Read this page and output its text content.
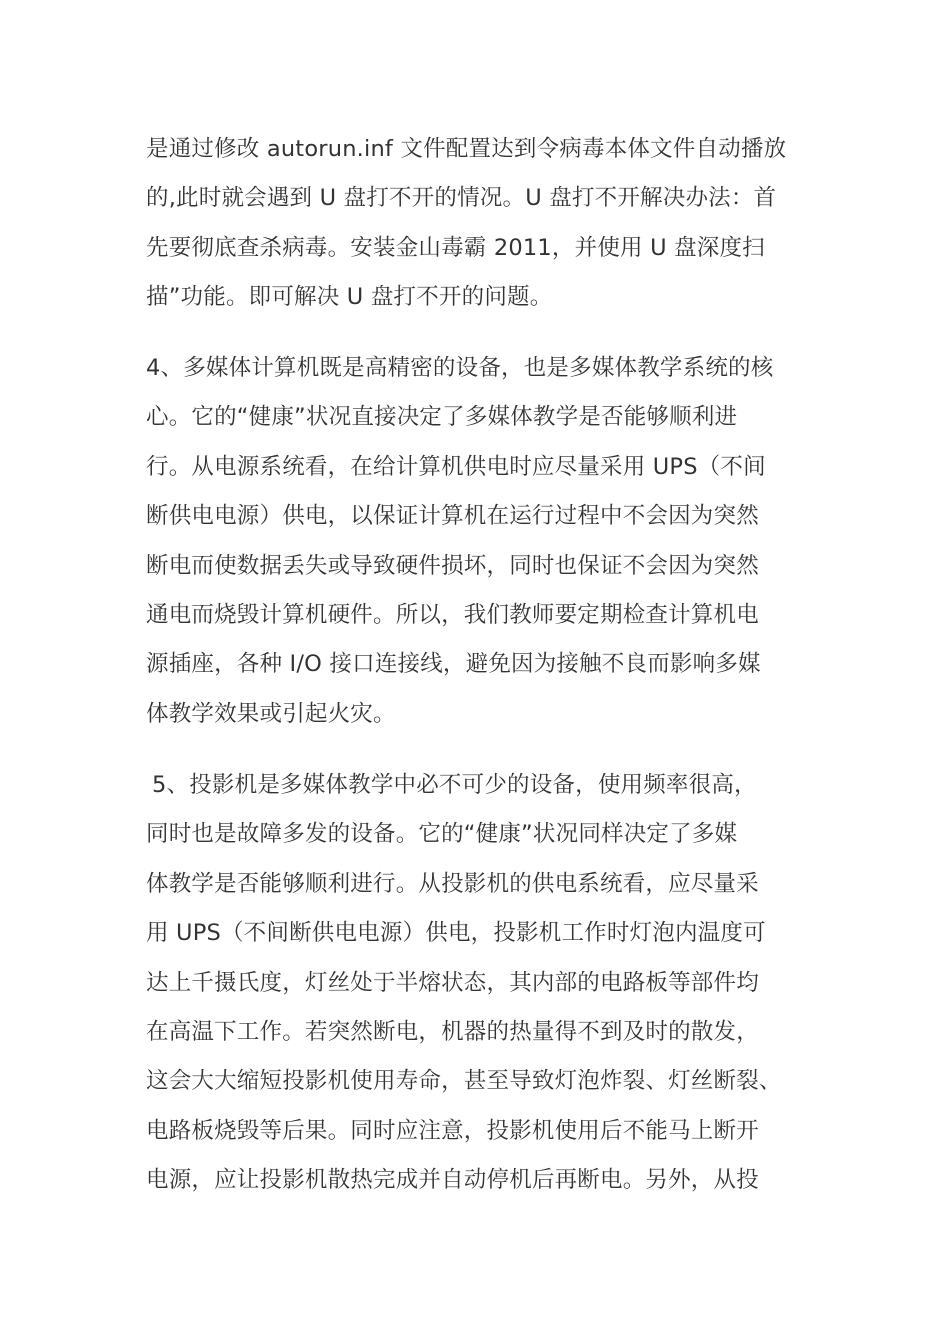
是通过修改 autorun.inf 文件配置达到令病毒本体文件自动播放
的,此时就会遇到 U 盘打不开的情况。U 盘打不开解决办法：首
先要彻底查杀病毒。安装金山毒霸 2011，并使用 U 盘深度扫
描”功能。即可解决 U 盘打不开的问题。
4、多媒体计算机既是高精密的设备，也是多媒体教学系统的核
心。它的“健康”状况直接决定了多媒体教学是否能够顺利进
行。从电源系统看，在给计算机供电时应尽量采用 UPS（不间
断供电电源）供电，以保证计算机在运行过程中不会因为突然
断电而使数据丢失或导致硬件损坏，同时也保证不会因为突然
通电而烧毁计算机硬件。所以，我们教师要定期检查计算机电
源插座，各种 I/O 接口连接线，避免因为接触不良而影响多媒
体教学效果或引起火灾。
5、投影机是多媒体教学中必不可少的设备，使用频率很高，
同时也是故障多发的设备。它的“健康”状况同样决定了多媒
体教学是否能够顺利进行。从投影机的供电系统看，应尽量采
用 UPS（不间断供电电源）供电，投影机工作时灯泡内温度可
达上千摄氏度，灯丝处于半熔状态，其内部的电路板等部件均
在高温下工作。若突然断电，机器的热量得不到及时的散发，
这会大大缩短投影机使用寿命，甚至导致灯泡炸裂、灯丝断裂、
电路板烧毁等后果。同时应注意，投影机使用后不能马上断开
电源，应让投影机散热完成并自动停机后再断电。另外，从投
